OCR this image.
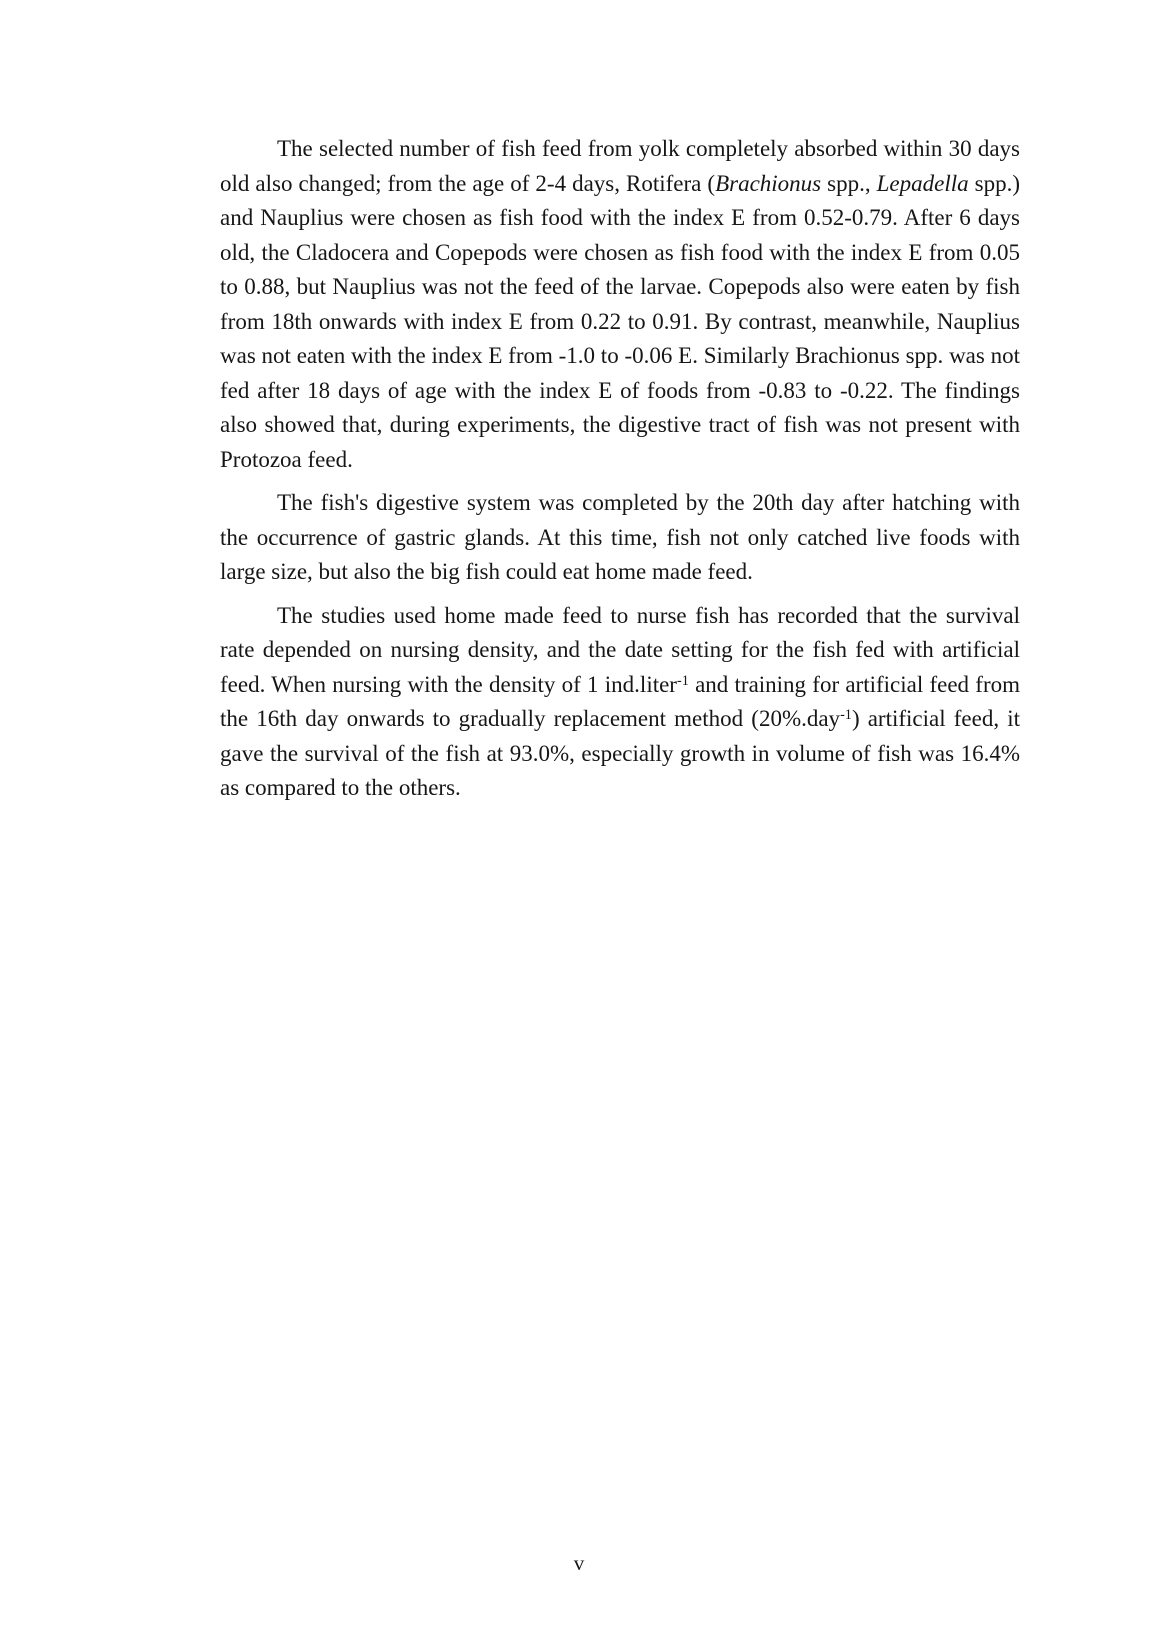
The selected number of fish feed from yolk completely absorbed within 30 days old also changed; from the age of 2-4 days, Rotifera (Brachionus spp., Lepadella spp.) and Nauplius were chosen as fish food with the index E from 0.52-0.79. After 6 days old, the Cladocera and Copepods were chosen as fish food with the index E from 0.05 to 0.88, but Nauplius was not the feed of the larvae. Copepods also were eaten by fish from 18th onwards with index E from 0.22 to 0.91. By contrast, meanwhile, Nauplius was not eaten with the index E from -1.0 to -0.06 E. Similarly Brachionus spp. was not fed after 18 days of age with the index E of foods from -0.83 to -0.22. The findings also showed that, during experiments, the digestive tract of fish was not present with Protozoa feed.

The fish's digestive system was completed by the 20th day after hatching with the occurrence of gastric glands. At this time, fish not only catched live foods with large size, but also the big fish could eat home made feed.

The studies used home made feed to nurse fish has recorded that the survival rate depended on nursing density, and the date setting for the fish fed with artificial feed. When nursing with the density of 1 ind.liter$^{-1}$ and training for artificial feed from the 16th day onwards to gradually replacement method (20%.day$^{-1}$) artificial feed, it gave the survival of the fish at 93.0%, especially growth in volume of fish was 16.4% as compared to the others.

v
